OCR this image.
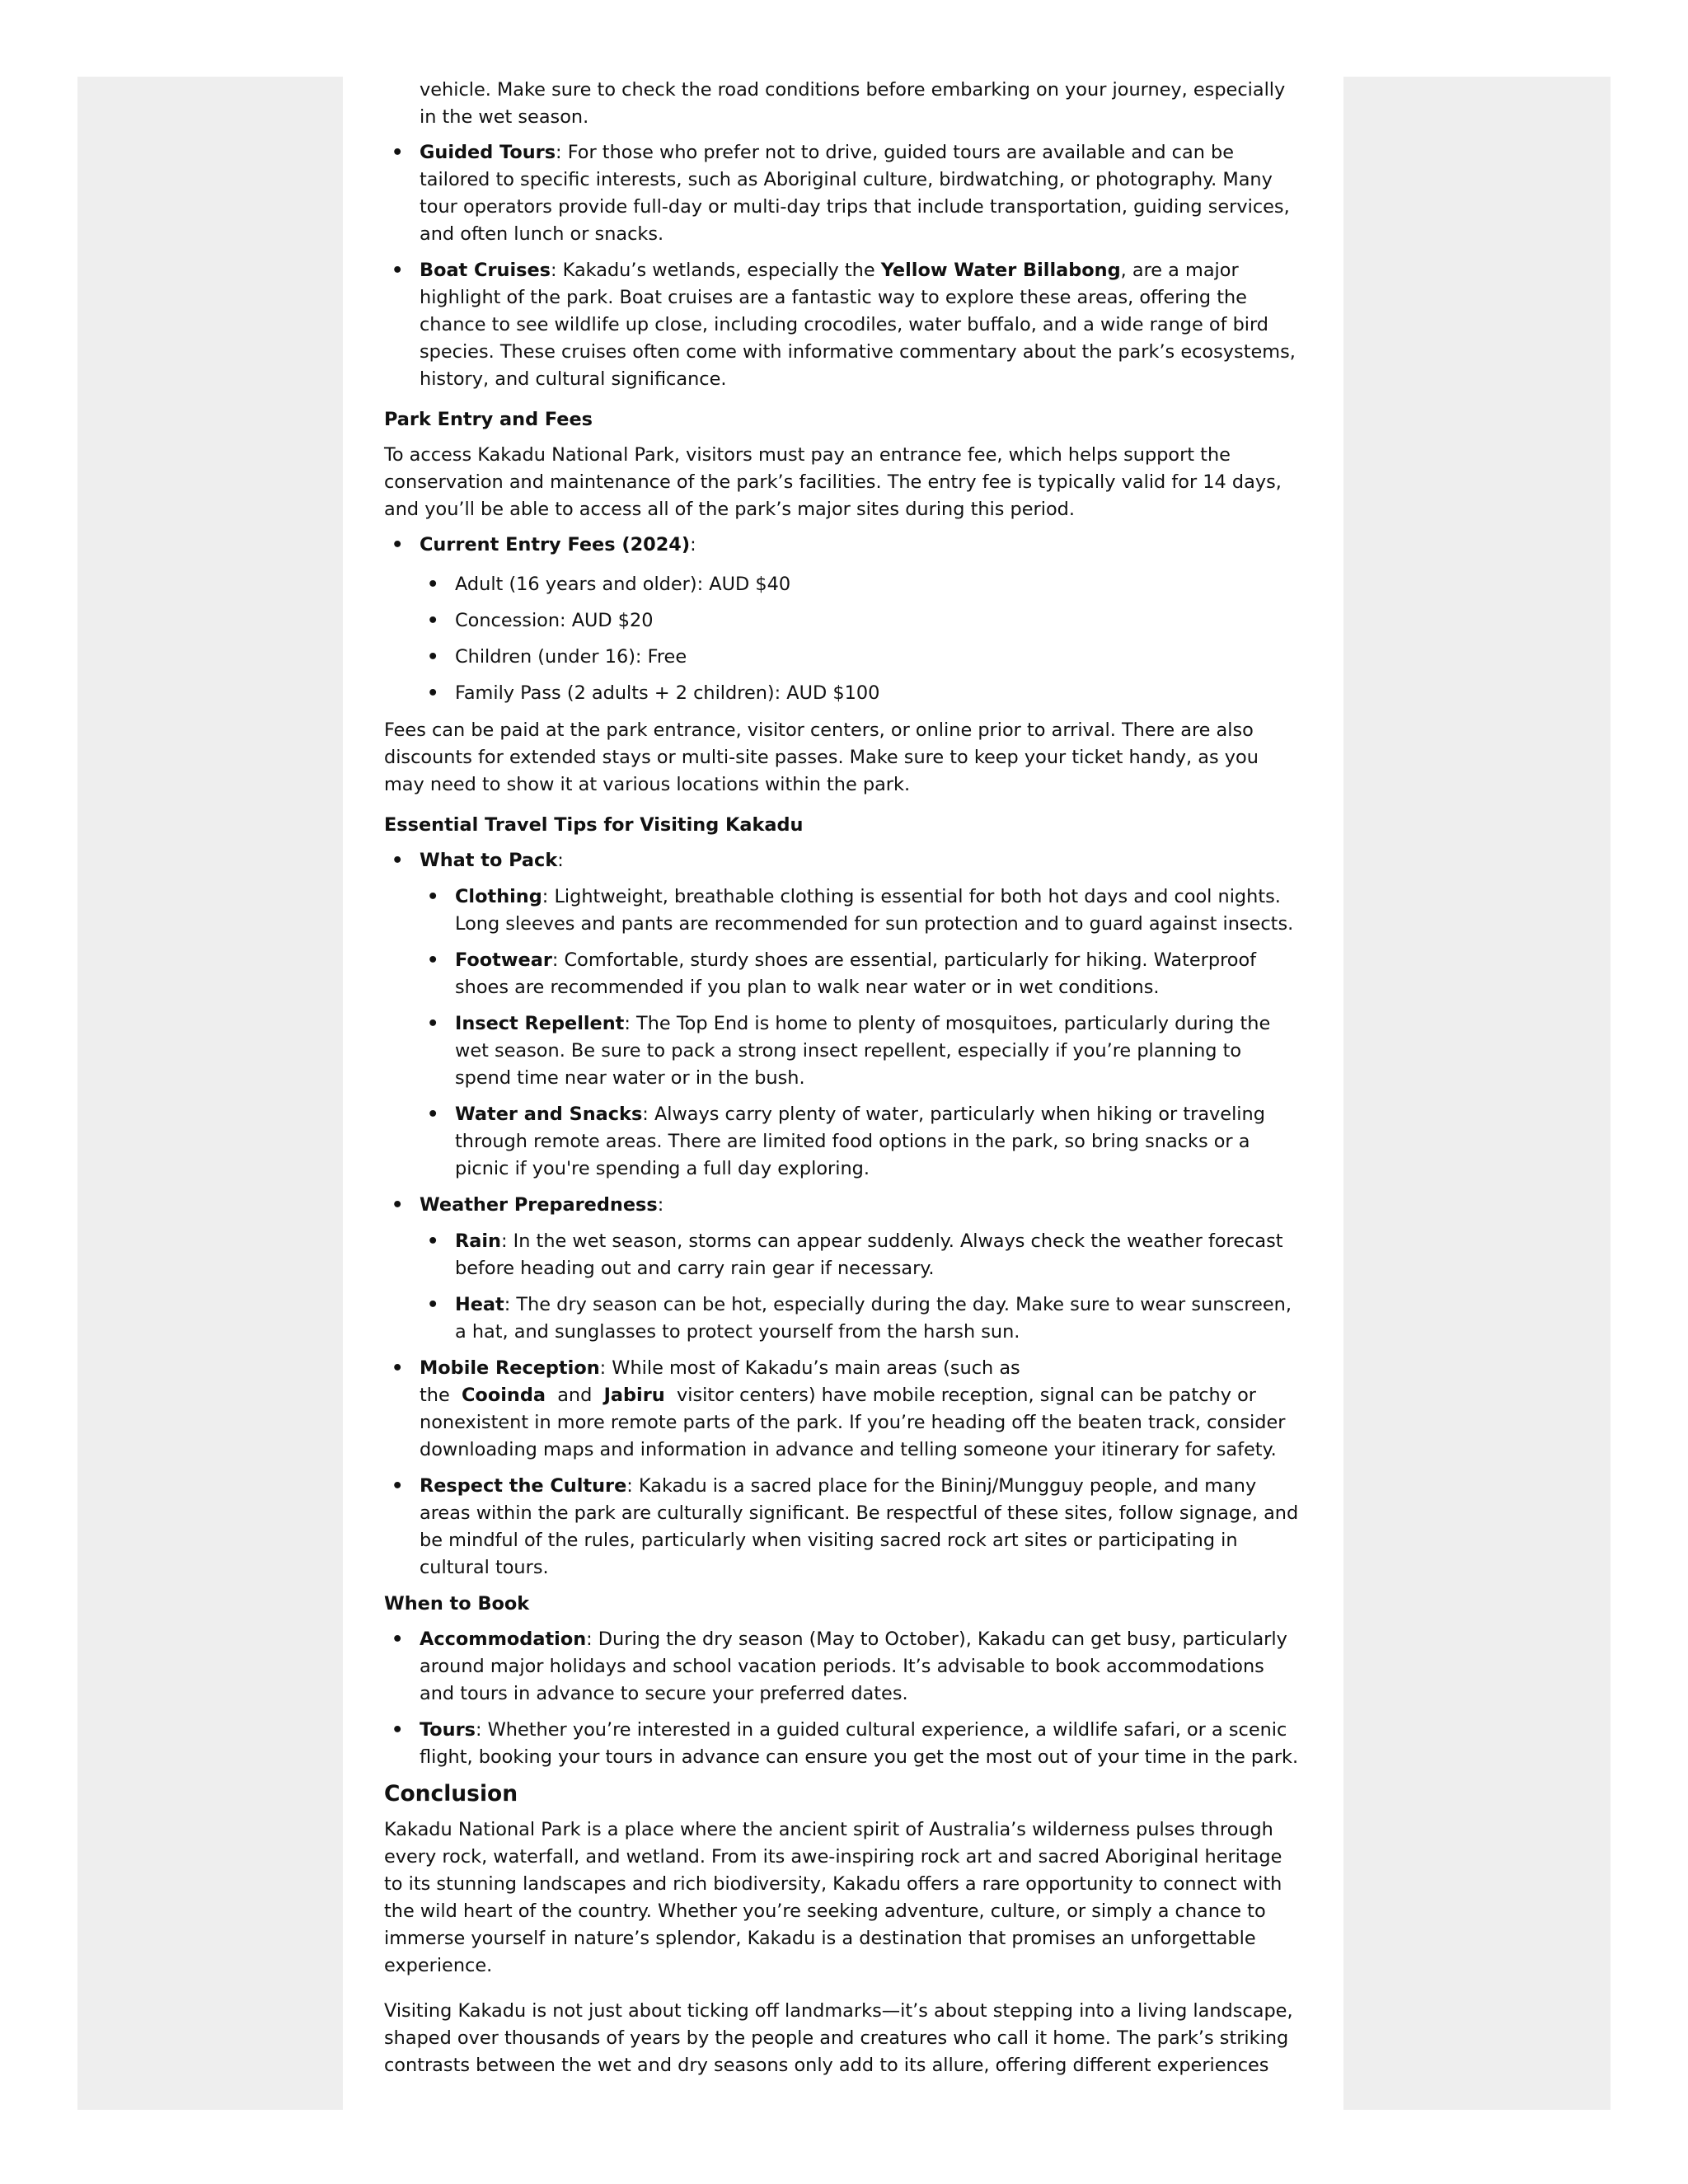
vehicle. Make sure to check the road conditions before embarking on your journey, especially in the wet season.

• Guided Tours: For those who prefer not to drive, guided tours are available and can be tailored to specific interests, such as Aboriginal culture, birdwatching, or photography. Many tour operators provide full-day or multi-day trips that include transportation, guiding services, and often lunch or snacks.
• Boat Cruises: Kakadu’s wetlands, especially the Yellow Water Billabong, are a major highlight of the park. Boat cruises are a fantastic way to explore these areas, offering the chance to see wildlife up close, including crocodiles, water buffalo, and a wide range of bird species. These cruises often come with informative commentary about the park’s ecosystems, history, and cultural significance.

Park Entry and Fees

To access Kakadu National Park, visitors must pay an entrance fee, which helps support the conservation and maintenance of the park’s facilities. The entry fee is typically valid for 14 days, and you’ll be able to access all of the park’s major sites during this period.

• Current Entry Fees (2024):
• Adult (16 years and older): AUD $40
• Concession: AUD $20
• Children (under 16): Free
• Family Pass (2 adults + 2 children): AUD $100

Fees can be paid at the park entrance, visitor centers, or online prior to arrival. There are also discounts for extended stays or multi-site passes. Make sure to keep your ticket handy, as you may need to show it at various locations within the park.

Essential Travel Tips for Visiting Kakadu

• What to Pack:
• Clothing: Lightweight, breathable clothing is essential for both hot days and cool nights. Long sleeves and pants are recommended for sun protection and to guard against insects.
• Footwear: Comfortable, sturdy shoes are essential, particularly for hiking. Waterproof shoes are recommended if you plan to walk near water or in wet conditions.
• Insect Repellent: The Top End is home to plenty of mosquitoes, particularly during the wet season. Be sure to pack a strong insect repellent, especially if you’re planning to spend time near water or in the bush.
• Water and Snacks: Always carry plenty of water, particularly when hiking or traveling through remote areas. There are limited food options in the park, so bring snacks or a picnic if you're spending a full day exploring.
• Weather Preparedness:
• Rain: In the wet season, storms can appear suddenly. Always check the weather forecast before heading out and carry rain gear if necessary.
• Heat: The dry season can be hot, especially during the day. Make sure to wear sunscreen, a hat, and sunglasses to protect yourself from the harsh sun.
• Mobile Reception: While most of Kakadu’s main areas (such as
the Cooinda and Jabiru visitor centers) have mobile reception, signal can be patchy or nonexistent in more remote parts of the park. If you’re heading off the beaten track, consider downloading maps and information in advance and telling someone your itinerary for safety.
• Respect the Culture: Kakadu is a sacred place for the Bininj/Mungguy people, and many areas within the park are culturally significant. Be respectful of these sites, follow signage, and be mindful of the rules, particularly when visiting sacred rock art sites or participating in cultural tours.

When to Book

• Accommodation: During the dry season (May to October), Kakadu can get busy, particularly around major holidays and school vacation periods. It’s advisable to book accommodations and tours in advance to secure your preferred dates.
• Tours: Whether you’re interested in a guided cultural experience, a wildlife safari, or a scenic flight, booking your tours in advance can ensure you get the most out of your time in the park.

Conclusion

Kakadu National Park is a place where the ancient spirit of Australia’s wilderness pulses through every rock, waterfall, and wetland. From its awe-inspiring rock art and sacred Aboriginal heritage to its stunning landscapes and rich biodiversity, Kakadu offers a rare opportunity to connect with the wild heart of the country. Whether you’re seeking adventure, culture, or simply a chance to immerse yourself in nature’s splendor, Kakadu is a destination that promises an unforgettable experience.

Visiting Kakadu is not just about ticking off landmarks—it’s about stepping into a living landscape, shaped over thousands of years by the people and creatures who call it home. The park’s striking contrasts between the wet and dry seasons only add to its allure, offering different experiences
